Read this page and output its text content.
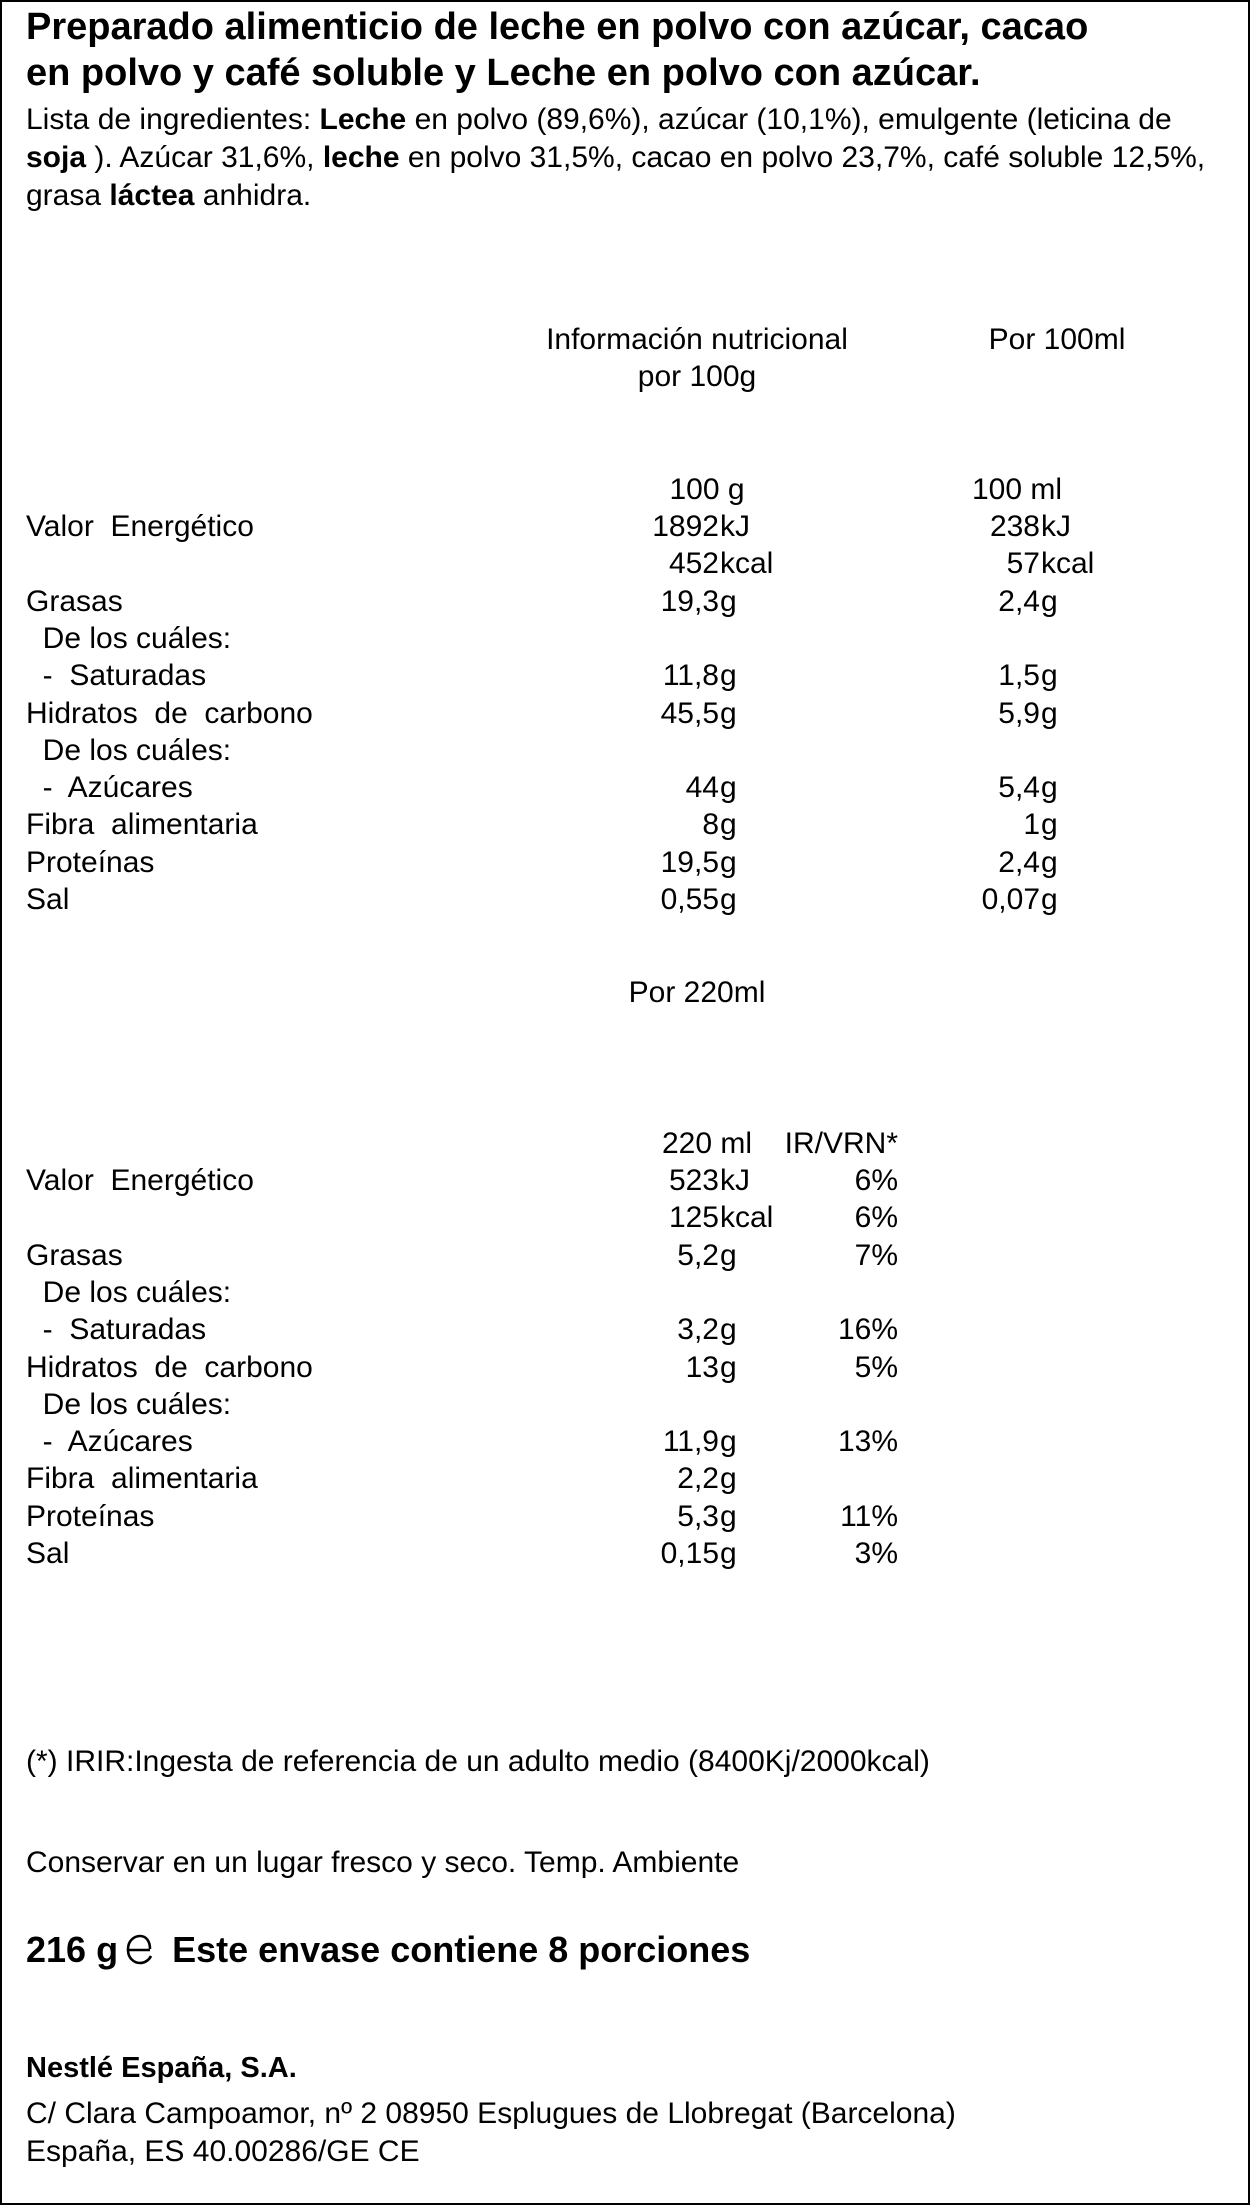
Preparado alimenticio de leche en polvo con azúcar, cacao
en polvo y café soluble y Leche en polvo con azúcar.

Lista de ingredientes: Leche en polvo (89,6%), azúcar (10,1%), emulgente (leticina de soja ). Azúcar 31,6%, leche en polvo 31,5%, cacao en polvo 23,7%, café soluble 12,5%, grasa láctea anhidra.

Información nutricional
por 100g
Por 100ml
100 g	100 ml
Valor  Energético	1892 kJ	238 kJ
452 kcal	57 kcal
Grasas	19,3 g	2,4 g
De los cuáles:
-  Saturadas	11,8 g	1,5 g
Hidratos  de  carbono	45,5 g	5,9 g
De los cuáles:
-  Azúcares	44 g	5,4 g
Fibra  alimentaria	8 g	1 g
Proteínas	19,5 g	2,4 g
Sal	0,55 g	0,07 g
Por 220ml
220 ml	IR/VRN*
Valor  Energético	523 kJ	6%
125 kcal	6%
Grasas	5,2 g	7%
De los cuáles:
-  Saturadas	3,2 g	16%
Hidratos  de  carbono	13 g	5%
De los cuáles:
-  Azúcares	11,9 g	13%
Fibra  alimentaria	2,2 g
Proteínas	5,3 g	11%
Sal	0,15 g	3%
(*) IRIR:Ingesta de referencia de un adulto medio (8400Kj/2000kcal)
Conservar en un lugar fresco y seco. Temp. Ambiente
216 g Este envase contiene 8 porciones
Nestlé España, S.A.
C/ Clara Campoamor, nº 2 08950 Esplugues de Llobregat (Barcelona)
España, ES 40.00286/GE CE
